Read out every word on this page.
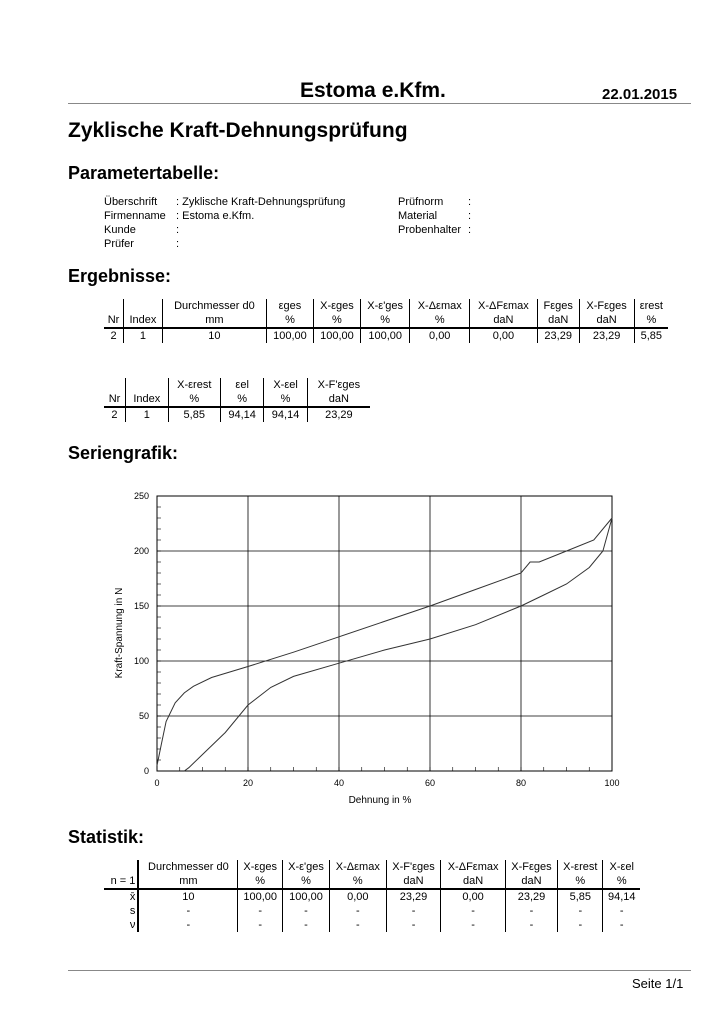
Estoma e.Kfm.	22.01.2015
Zyklische Kraft-Dehnungsprüfung
Parametertabelle:
Überschrift : Zyklische Kraft-Dehnungsprüfung
Firmenname : Estoma e.Kfm.
Kunde	:
Prüfer	:
Prüfnorm :
Material	:
Probenhalter :
Ergebnisse:
		Durchmesser d0	εges	X-εges	X-ε'ges	X-Δεmax	X-ΔFεmax	Fεges	X-Fεges	εrest
Nr	Index	mm	%	%	%	%	daN	daN	daN	%
2	1	10	100,00	100,00	100,00	0,00	0,00	23,29	23,29	5,85
		X-εrest	εel	X-εel	X-F'εges
Nr	Index	%	%	%	daN
2	1	5,85	94,14	94,14	23,29
Seriengrafik:
0	20	40	60	80	100
0
50
100
150
200
250
Dehnung in %
Kraft-Spannung in N
Statistik:
	Durchmesser d0	X-εges	X-ε'ges	X-Δεmax	X-F'εges	X-ΔFεmax	X-Fεges	X-εrest	X-εel
n = 1	mm	%	%	%	daN	daN	daN	%	%
x̄	10	100,00	100,00	0,00	23,29	0,00	23,29	5,85	94,14
s	-	-	-	-	-	-	-	-	-
ν	-	-	-	-	-	-	-	-	-
Seite 1/1
